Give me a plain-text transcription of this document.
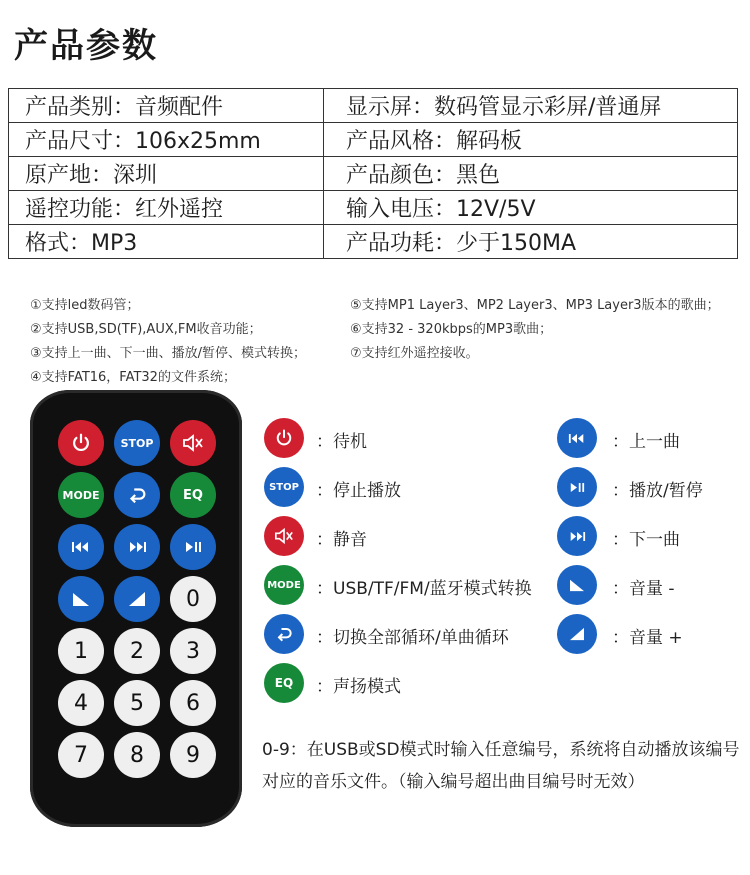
产品参数
产品类别：音频配件	显示屏：数码管显示彩屏/普通屏
产品尺寸：106x25mm	产品风格：解码板
原产地：深圳	产品颜色：黑色
遥控功能：红外遥控	输入电压：12V/5V
格式：MP3	产品功耗：少于150MA
①支持led数码管；
②支持USB,SD(TF),AUX,FM收音功能；
③支持上一曲、下一曲、播放/暂停、模式转换；
④支持FAT16，FAT32的文件系统；
⑤支持MP1 Layer3、MP2 Layer3、MP3 Layer3版本的歌曲；
⑥支持32 - 320kbps的MP3歌曲；
⑦支持红外遥控接收。
STOP
MODE	EQ
0
1	2	3
4	5	6
7	8	9
：待机
STOP ：停止播放
：静音
MODE ：USB/TF/FM/蓝牙模式转换
：切换全部循环/单曲循环
EQ	：声扬模式
：上一曲
：播放/暂停
：下一曲
：音量 -
：音量 +
0-9：在USB或SD模式时输入任意编号，系统将自动播放该编号对应的音乐文件。（输入编号超出曲目编号时无效）
